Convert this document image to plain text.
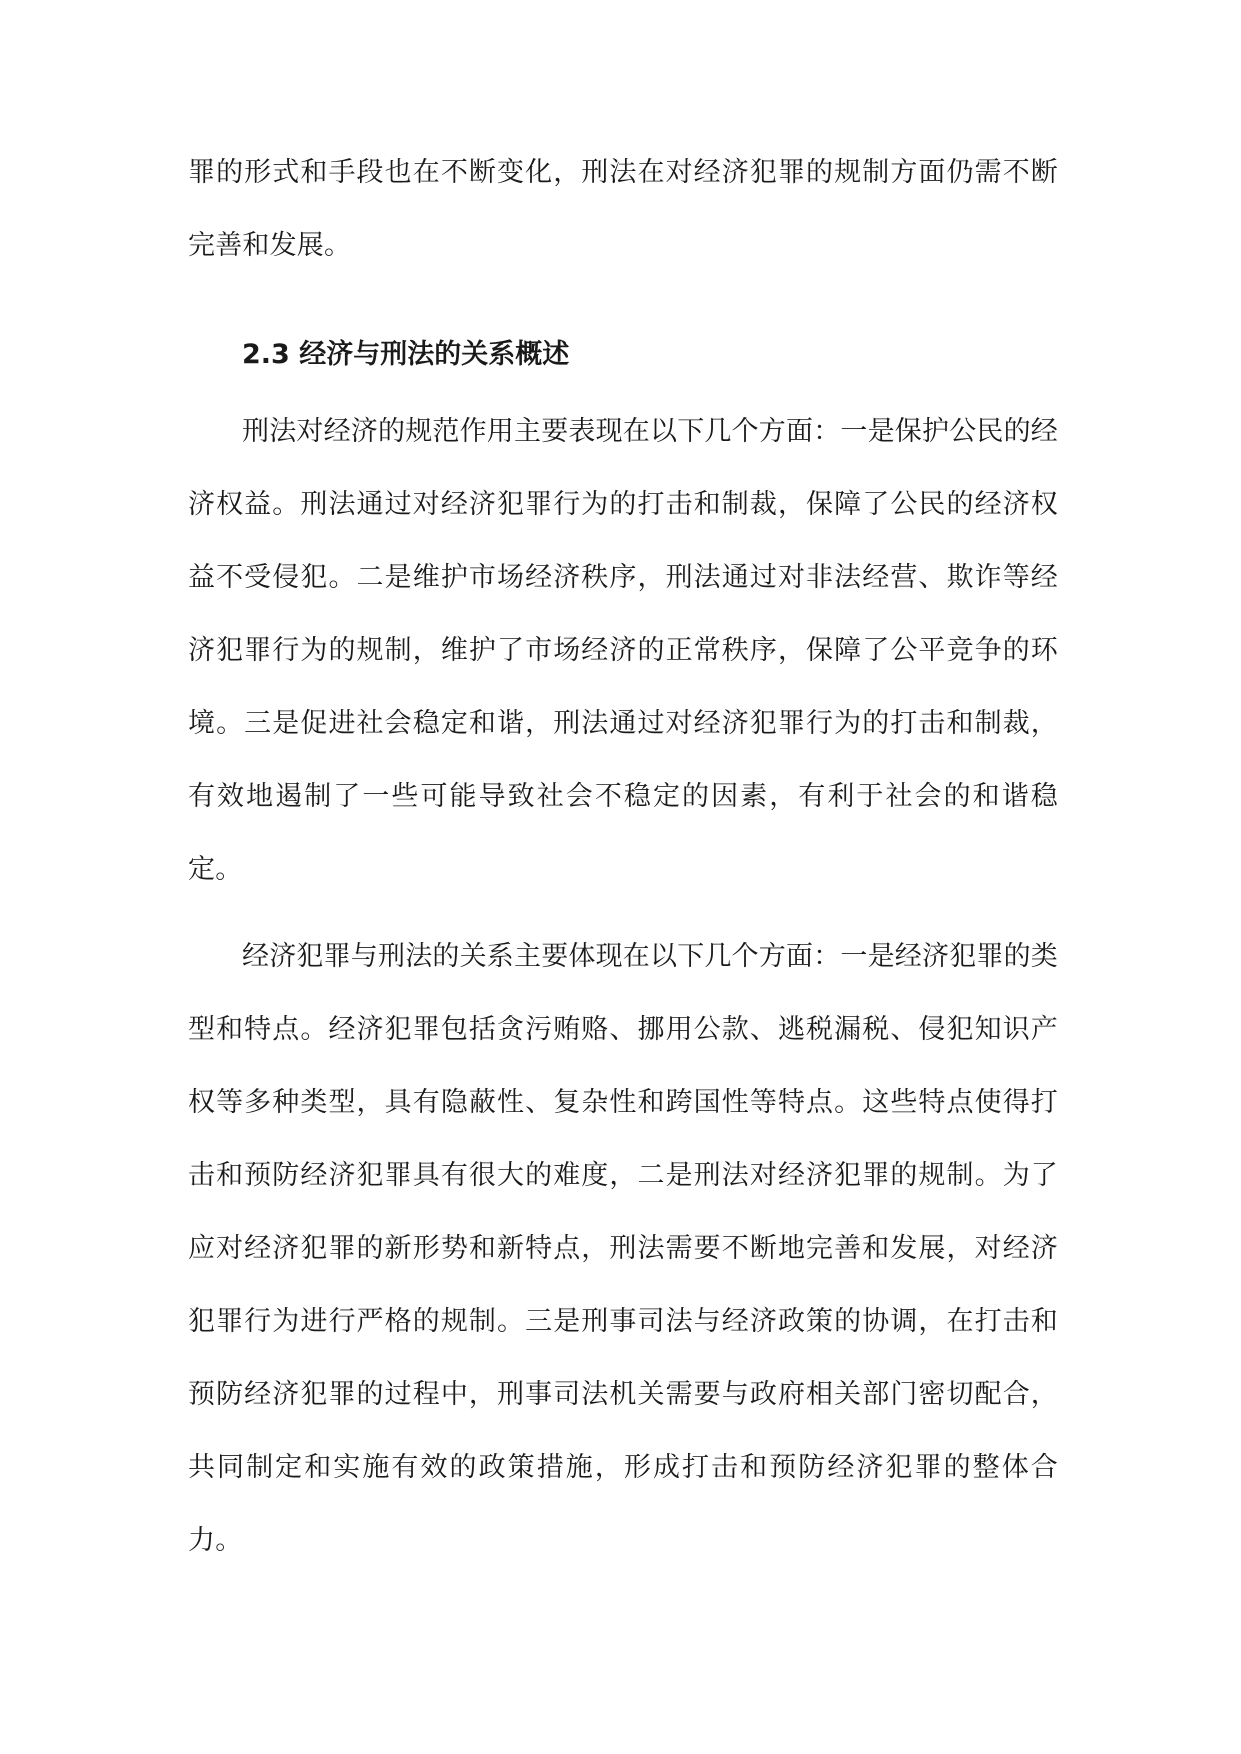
罪的形式和手段也在不断变化，刑法在对经济犯罪的规制方面仍需不断完善和发展。

2.3 经济与刑法的关系概述

刑法对经济的规范作用主要表现在以下几个方面：一是保护公民的经济权益。刑法通过对经济犯罪行为的打击和制裁，保障了公民的经济权益不受侵犯。二是维护市场经济秩序，刑法通过对非法经营、欺诈等经济犯罪行为的规制，维护了市场经济的正常秩序，保障了公平竞争的环境。三是促进社会稳定和谐，刑法通过对经济犯罪行为的打击和制裁，有效地遏制了一些可能导致社会不稳定的因素，有利于社会的和谐稳定。

经济犯罪与刑法的关系主要体现在以下几个方面：一是经济犯罪的类型和特点。经济犯罪包括贪污贿赂、挪用公款、逃税漏税、侵犯知识产权等多种类型，具有隐蔽性、复杂性和跨国性等特点。这些特点使得打击和预防经济犯罪具有很大的难度，二是刑法对经济犯罪的规制。为了应对经济犯罪的新形势和新特点，刑法需要不断地完善和发展，对经济犯罪行为进行严格的规制。三是刑事司法与经济政策的协调，在打击和预防经济犯罪的过程中，刑事司法机关需要与政府相关部门密切配合，共同制定和实施有效的政策措施，形成打击和预防经济犯罪的整体合力。
